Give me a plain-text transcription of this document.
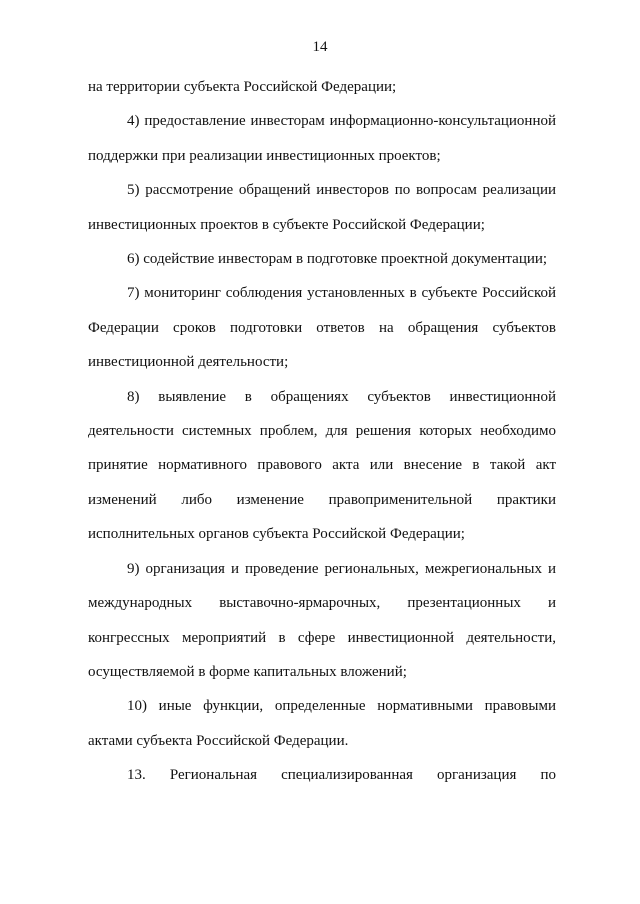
14

на территории субъекта Российской Федерации;

4) предоставление инвесторам информационно-консультационной поддержки при реализации инвестиционных проектов;

5) рассмотрение обращений инвесторов по вопросам реализации инвестиционных проектов в субъекте Российской Федерации;

6) содействие инвесторам в подготовке проектной документации;

7) мониторинг соблюдения установленных в субъекте Российской Федерации сроков подготовки ответов на обращения субъектов инвестиционной деятельности;

8) выявление в обращениях субъектов инвестиционной деятельности системных проблем, для решения которых необходимо принятие нормативного правового акта или внесение в такой акт изменений либо изменение правоприменительной практики исполнительных органов субъекта Российской Федерации;

9) организация и проведение региональных, межрегиональных и международных выставочно-ярмарочных, презентационных и конгрессных мероприятий в сфере инвестиционной деятельности, осуществляемой в форме капитальных вложений;

10) иные функции, определенные нормативными правовыми актами субъекта Российской Федерации.

13. Региональная специализированная организация по
